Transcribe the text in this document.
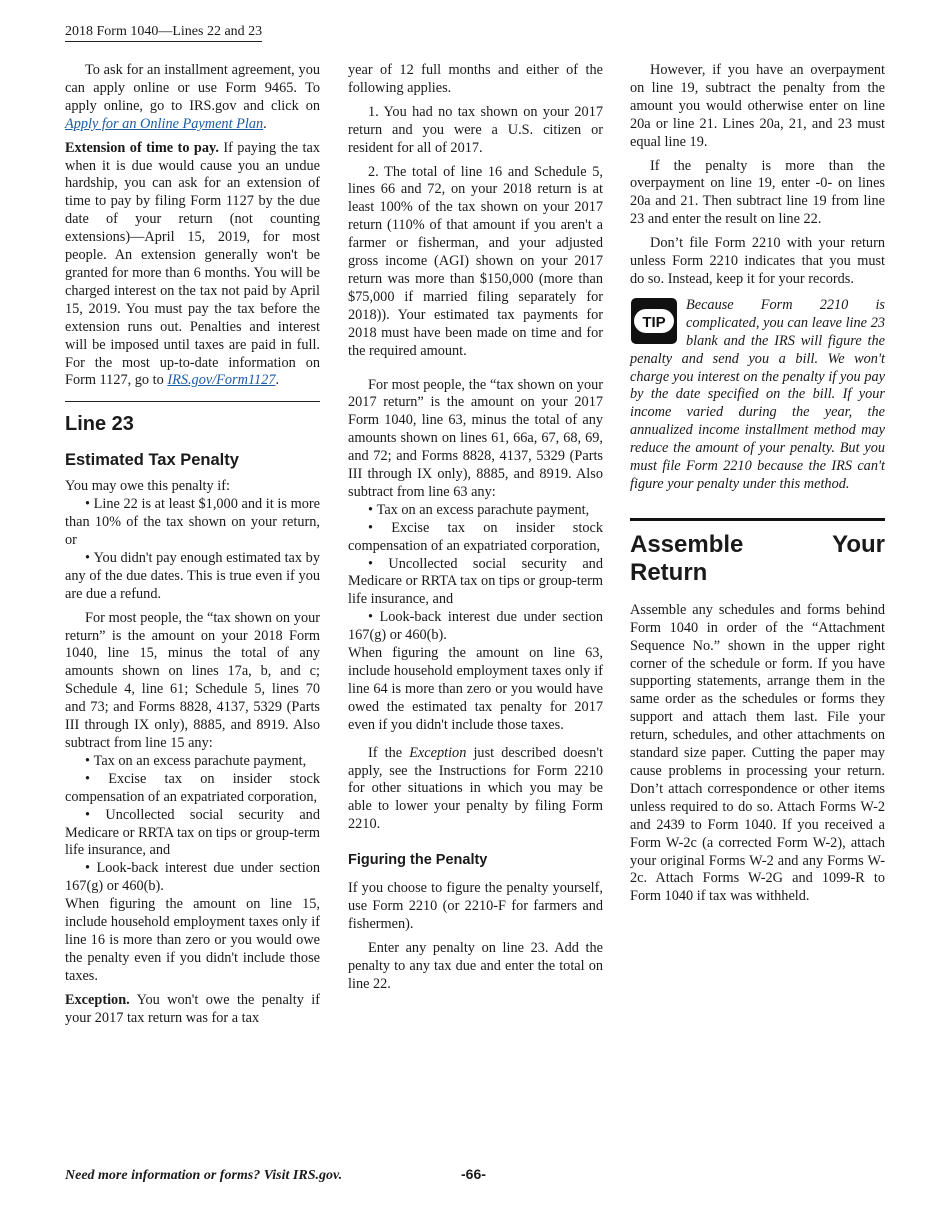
2018 Form 1040—Lines 22 and 23

To ask for an installment agreement, you can apply online or use Form 9465. To apply online, go to IRS.gov and click on Apply for an Online Payment Plan.

Extension of time to pay. If paying the tax when it is due would cause you an undue hardship, you can ask for an extension of time to pay by filing Form 1127 by the due date of your return (not counting extensions)—April 15, 2019, for most people. An extension generally won't be granted for more than 6 months. You will be charged interest on the tax not paid by April 15, 2019. You must pay the tax before the extension runs out. Penalties and interest will be imposed until taxes are paid in full. For the most up-to-date information on Form 1127, go to IRS.gov/Form1127.

Line 23
Estimated Tax Penalty

You may owe this penalty if:

• Line 22 is at least $1,000 and it is more than 10% of the tax shown on your return, or

• You didn't pay enough estimated tax by any of the due dates. This is true even if you are due a refund.

For most people, the “tax shown on your return” is the amount on your 2018 Form 1040, line 15, minus the total of any amounts shown on lines 17a, b, and c; Schedule 4, line 61; Schedule 5, lines 70 and 73; and Forms 8828, 4137, 5329 (Parts III through IX only), 8885, and 8919. Also subtract from line 15 any:

• Tax on an excess parachute payment,

• Excise tax on insider stock compensation of an expatriated corporation,

• Uncollected social security and Medicare or RRTA tax on tips or group-term life insurance, and

• Look-back interest due under section 167(g) or 460(b).

When figuring the amount on line 15, include household employment taxes only if line 16 is more than zero or you would owe the penalty even if you didn't include those taxes.

Exception. You won't owe the penalty if your 2017 tax return was for a tax

year of 12 full months and either of the following applies.

1. You had no tax shown on your 2017 return and you were a U.S. citizen or resident for all of 2017.

2. The total of line 16 and Schedule 5, lines 66 and 72, on your 2018 return is at least 100% of the tax shown on your 2017 return (110% of that amount if you aren't a farmer or fisherman, and your adjusted gross income (AGI) shown on your 2017 return was more than $150,000 (more than $75,000 if married filing separately for 2018)). Your estimated tax payments for 2018 must have been made on time and for the required amount.

For most people, the “tax shown on your 2017 return” is the amount on your 2017 Form 1040, line 63, minus the total of any amounts shown on lines 61, 66a, 67, 68, 69, and 72; and Forms 8828, 4137, 5329 (Parts III through IX only), 8885, and 8919. Also subtract from line 63 any:

• Tax on an excess parachute payment,

• Excise tax on insider stock compensation of an expatriated corporation,

• Uncollected social security and Medicare or RRTA tax on tips or group-term life insurance, and

• Look-back interest due under section 167(g) or 460(b).

When figuring the amount on line 63, include household employment taxes only if line 64 is more than zero or you would have owed the estimated tax penalty for 2017 even if you didn't include those taxes.

If the Exception just described doesn't apply, see the Instructions for Form 2210 for other situations in which you may be able to lower your penalty by filing Form 2210.

Figuring the Penalty

If you choose to figure the penalty yourself, use Form 2210 (or 2210-F for farmers and fishermen).

Enter any penalty on line 23. Add the penalty to any tax due and enter the total on line 22.

However, if you have an overpayment on line 19, subtract the penalty from the amount you would otherwise enter on line 20a or line 21. Lines 20a, 21, and 23 must equal line 19.

If the penalty is more than the overpayment on line 19, enter -0- on lines 20a and 21. Then subtract line 19 from line 23 and enter the result on line 22.

Don’t file Form 2210 with your return unless Form 2210 indicates that you must do so. Instead, keep it for your records.

TIP
Because Form 2210 is complicated, you can leave line 23 blank and the IRS will figure the penalty and send you a bill. We won't charge you interest on the penalty if you pay by the date specified on the bill. If your income varied during the year, the annualized income installment method may reduce the amount of your penalty. But you must file Form 2210 because the IRS can't figure your penalty under this method.
Assemble Your Return

Assemble any schedules and forms behind Form 1040 in order of the “Attachment Sequence No.” shown in the upper right corner of the schedule or form. If you have supporting statements, arrange them in the same order as the schedules or forms they support and attach them last. File your return, schedules, and other attachments on standard size paper. Cutting the paper may cause problems in processing your return. Don’t attach correspondence or other items unless required to do so. Attach Forms W-2 and 2439 to Form 1040. If you received a Form W-2c (a corrected Form W-2), attach your original Forms W-2 and any Forms W-2c. Attach Forms W-2G and 1099-R to Form 1040 if tax was withheld.

Need more information or forms? Visit IRS.gov.	-66-
